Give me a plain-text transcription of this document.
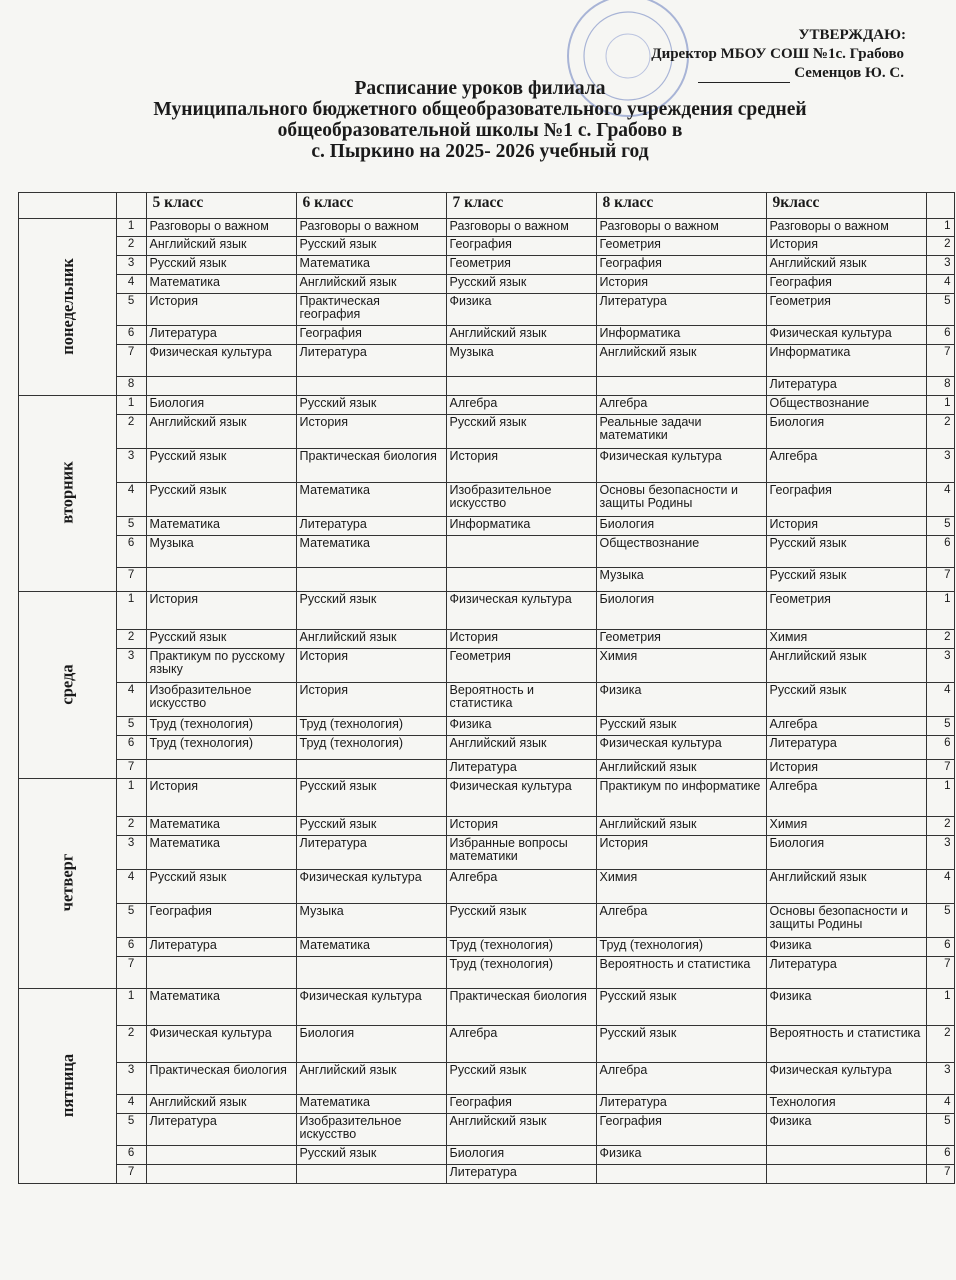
УТВЕРЖДАЮ:
Директор МБОУ СОШ №1с. Грабово
Семенцов Ю. С.
Расписание уроков филиала
Муниципального бюджетного общеобразовательного учреждения средней
общеобразовательной школы №1 с. Грабово в
с. Пыркино на 2025- 2026 учебный год
		5 класс	6 класс	7 класс	8 класс	9класс	
понедельник	1	Разговоры о важном	Разговоры о важном	Разговоры о важном	Разговоры о важном	Разговоры о важном	1
	2	Английский язык	Русский язык	География	Геометрия	История	2
	3	Русский язык	Математика	Геометрия	География	Английский язык	3
	4	Математика	Английский язык	Русский язык	История	География	4
	5	История	Практическая география	Физика	Литература	Геометрия	5
	6	Литература	География	Английский язык	Информатика	Физическая культура	6
	7	Физическая культура	Литература	Музыка	Английский язык	Информатика	7
	8					Литература	8
вторник	1	Биология	Русский язык	Алгебра	Алгебра	Обществознание	1
	2	Английский язык	История	Русский язык	Реальные задачи математики	Биология	2
	3	Русский язык	Практическая биология	История	Физическая культура	Алгебра	3
	4	Русский язык	Математика	Изобразительное искусство	Основы безопасности и защиты Родины	География	4
	5	Математика	Литература	Информатика	Биология	История	5
	6	Музыка	Математика		Обществознание	Русский язык	6
	7				Музыка	Русский язык	7
среда	1	История	Русский язык	Физическая культура	Биология	Геометрия	1
	2	Русский язык	Английский язык	История	Геометрия	Химия	2
	3	Практикум по русскому языку	История	Геометрия	Химия	Английский язык	3
	4	Изобразительное искусство	История	Вероятность и статистика	Физика	Русский язык	4
	5	Труд (технология)	Труд (технология)	Физика	Русский язык	Алгебра	5
	6	Труд (технология)	Труд (технология)	Английский язык	Физическая культура	Литература	6
	7			Литература	Английский язык	История	7
четверг	1	История	Русский язык	Физическая культура	Практикум по информатике	Алгебра	1
	2	Математика	Русский язык	История	Английский язык	Химия	2
	3	Математика	Литература	Избранные вопросы математики	История	Биология	3
	4	Русский язык	Физическая культура	Алгебра	Химия	Английский язык	4
	5	География	Музыка	Русский язык	Алгебра	Основы безопасности и защиты Родины	5
	6	Литература	Математика	Труд (технология)	Труд (технология)	Физика	6
	7			Труд (технология)	Вероятность и статистика	Литература	7
пятница	1	Математика	Физическая культура	Практическая биология	Русский язык	Физика	1
	2	Физическая культура	Биология	Алгебра	Русский язык	Вероятность и статистика	2
	3	Практическая биология	Английский язык	Русский язык	Алгебра	Физическая культура	3
	4	Английский язык	Математика	География	Литература	Технология	4
	5	Литература	Изобразительное искусство	Английский язык	География	Физика	5
	6		Русский язык	Биология	Физика		6
	7			Литература			7
